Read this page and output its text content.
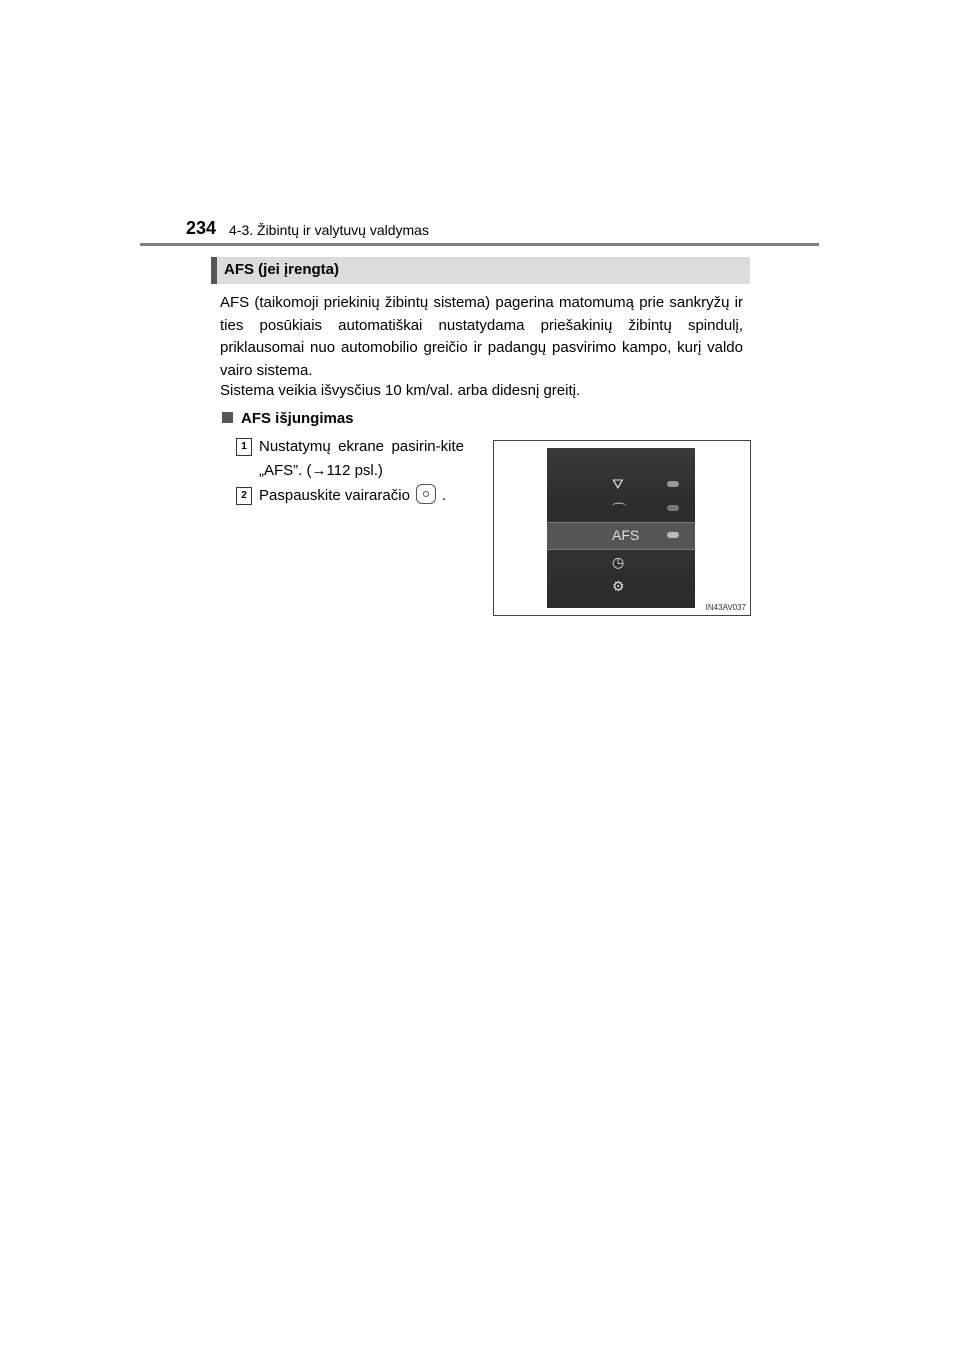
234 4-3. Žibintų ir valytuvų valdymas
AFS (jei įrengta)

AFS (taikomoji priekinių žibintų sistema) pagerina matomumą prie sankryžų ir ties posūkiais automatiškai nustatydama priešakinių žibintų spindulį, priklausomai nuo automobilio greičio ir padangų pasvirimo kampo, kurį valdo vairo sistema.

Sistema veikia išvysčius 10 km/val. arba didesnį greitį.

AFS išjungimas
1 Nustatymų ekrane pasirin-kite „AFS”. (→112 psl.)
2 Paspauskite vairaračio .
⛛
⌒
AFS
◷
⚙
IN43AV037
